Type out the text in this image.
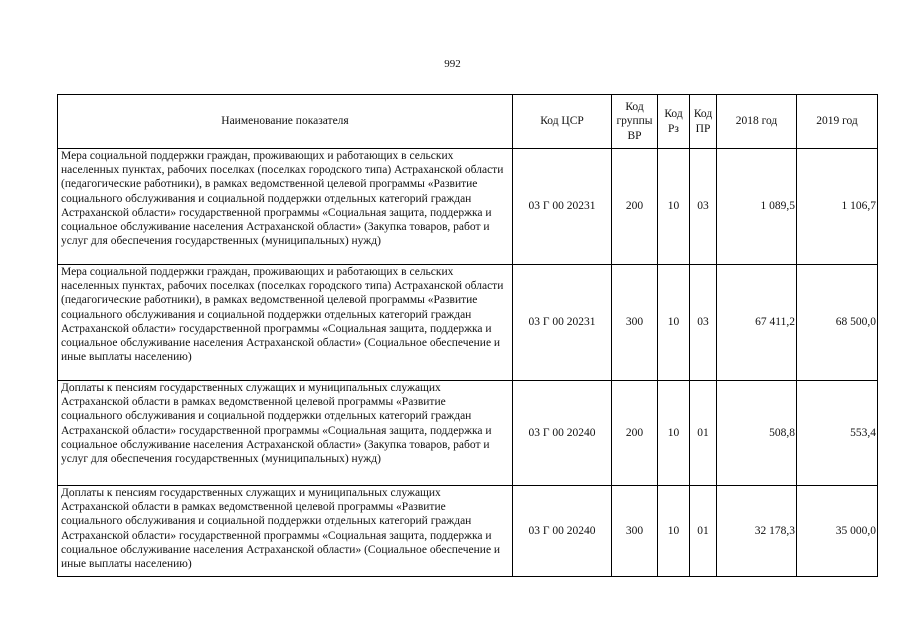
992
Наименование показателя	Код ЦСР	Код группы ВР	Код Рз	Код ПР	2018 год	2019 год
Мера социальной поддержки граждан, проживающих и работающих в сельских населенных пунктах, рабочих поселках (поселках городского типа) Астраханской области (педагогические работники), в рамках ведомственной целевой программы «Развитие социального обслуживания и социальной поддержки отдельных категорий граждан Астраханской области» государственной программы «Социальная защита, поддержка и социальное обслуживание населения Астраханской области» (Закупка товаров, работ и услуг для обеспечения государственных (муниципальных) нужд)	03 Г 00 20231	200	10	03	1 089,5	1 106,7
Мера социальной поддержки граждан, проживающих и работающих в сельских населенных пунктах, рабочих поселках (поселках городского типа) Астраханской области (педагогические работники), в рамках ведомственной целевой программы «Развитие социального обслуживания и социальной поддержки отдельных категорий граждан Астраханской области» государственной программы «Социальная защита, поддержка и социальное обслуживание населения Астраханской области» (Социальное обеспечение и иные выплаты населению)	03 Г 00 20231	300	10	03	67 411,2	68 500,0
Доплаты к пенсиям государственных служащих и муниципальных служащих Астраханской области в рамках ведомственной целевой программы «Развитие социального обслуживания и социальной поддержки отдельных категорий граждан Астраханской области» государственной программы «Социальная защита, поддержка и социальное обслуживание населения Астраханской области» (Закупка товаров, работ и услуг для обеспечения государственных (муниципальных) нужд)	03 Г 00 20240	200	10	01	508,8	553,4
Доплаты к пенсиям государственных служащих и муниципальных служащих Астраханской области в рамках ведомственной целевой программы «Развитие социального обслуживания и социальной поддержки отдельных категорий граждан Астраханской области» государственной программы «Социальная защита, поддержка и социальное обслуживание населения Астраханской области» (Социальное обеспечение и иные выплаты населению)	03 Г 00 20240	300	10	01	32 178,3	35 000,0
